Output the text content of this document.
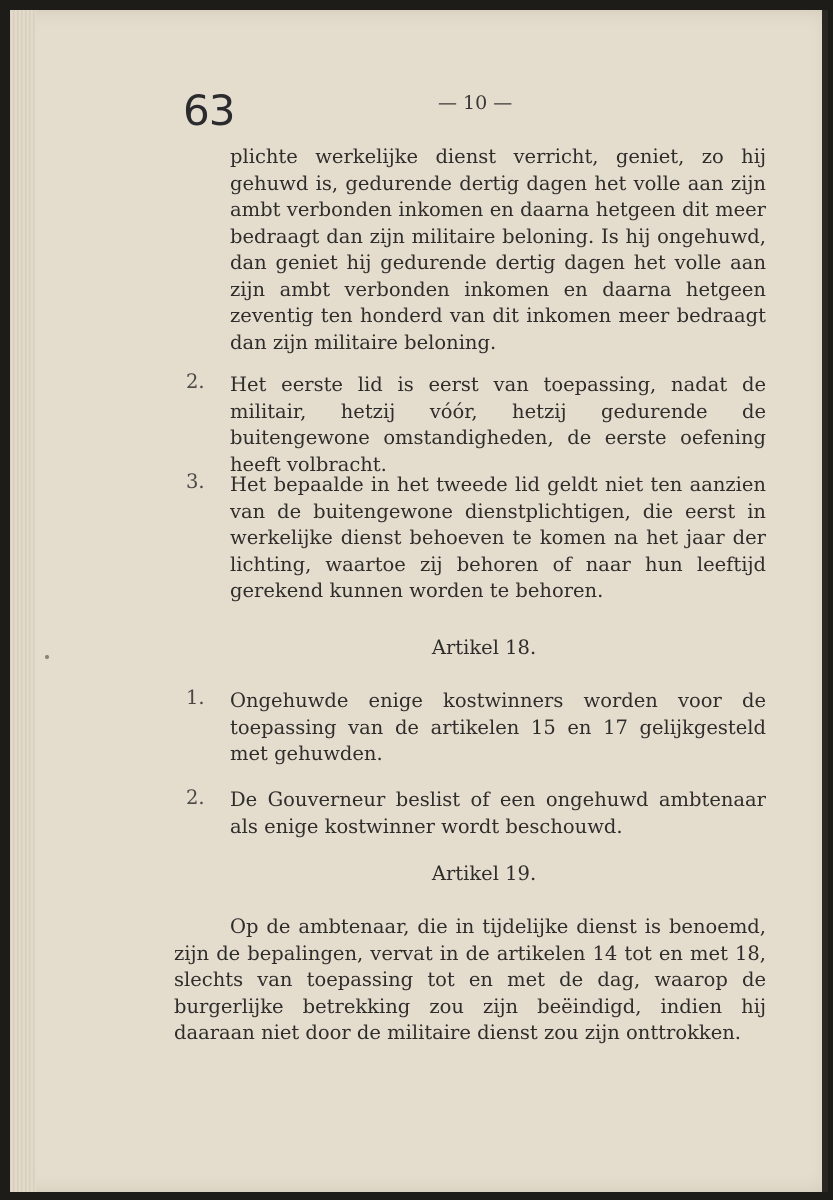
63	— 10 —

plichte werkelijke dienst verricht, geniet, zo hij gehuwd is, gedurende dertig dagen het volle aan zijn ambt verbonden inkomen en daarna hetgeen dit meer bedraagt dan zijn militaire beloning. Is hij ongehuwd, dan geniet hij gedurende dertig dagen het volle aan zijn ambt verbonden inkomen en daarna hetgeen zeventig ten honderd van dit inkomen meer bedraagt dan zijn militaire beloning.

2. Het eerste lid is eerst van toepassing, nadat de militair, hetzij vóór, hetzij gedurende de buitengewone omstandigheden, de eerste oefening heeft volbracht.

3. Het bepaalde in het tweede lid geldt niet ten aanzien van de buitengewone dienstplichtigen, die eerst in werkelijke dienst behoeven te komen na het jaar der lichting, waartoe zij behoren of naar hun leeftijd gerekend kunnen worden te behoren.

Artikel 18.
1. Ongehuwde enige kostwinners worden voor de toepassing van de artikelen 15 en 17 gelijkgesteld met gehuwden.

2. De Gouverneur beslist of een ongehuwd ambtenaar als enige kostwinner wordt beschouwd.

Artikel 19.

Op de ambtenaar, die in tijdelijke dienst is benoemd, zijn de bepalingen, vervat in de artikelen 14 tot en met 18, slechts van toepassing tot en met de dag, waarop de burgerlijke betrekking zou zijn beëindigd, indien hij daaraan niet door de militaire dienst zou zijn onttrokken.
